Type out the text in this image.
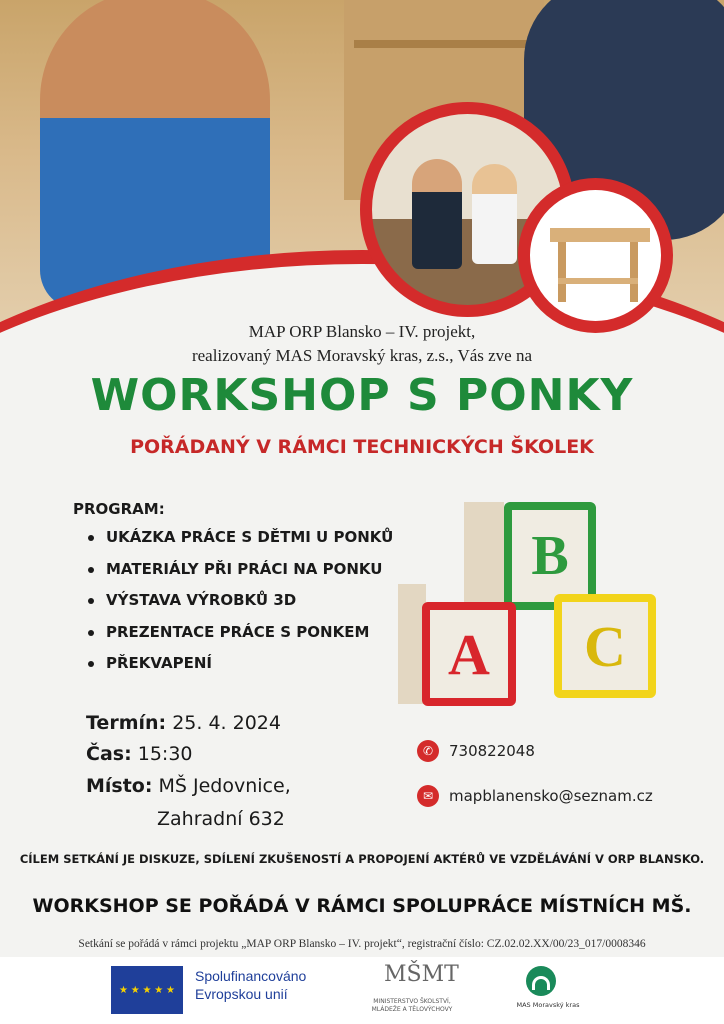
MAP ORP Blansko – IV. projekt,
realizovaný MAS Moravský kras, z.s., Vás zve na
WORKSHOP S PONKY
POŘÁDANÝ V RÁMCI TECHNICKÝCH ŠKOLEK
PROGRAM:
UKÁZKA PRÁCE S DĚTMI U PONKŮ
MATERIÁLY PŘI PRÁCI NA PONKU
VÝSTAVA VÝROBKŮ 3D
PREZENTACE PRÁCE S PONKEM
PŘEKVAPENÍ
Termín: 25. 4. 2024
Čas: 15:30
Místo: MŠ Jedovnice,
Zahradní 632
B
A	C
✆	730822048
✉	mapblanensko@seznam.cz
CÍLEM SETKÁNÍ JE DISKUZE, SDÍLENÍ ZKUŠENOSTÍ A PROPOJENÍ AKTÉRŮ VE VZDĚLÁVÁNÍ V ORP BLANSKO.
WORKSHOP SE POŘÁDÁ V RÁMCI SPOLUPRÁCE MÍSTNÍCH MŠ.
Setkání se pořádá v rámci projektu „MAP ORP Blansko – IV. projekt“, registrační číslo: CZ.02.02.XX/00/23_017/0008346
★ ★ ★ ★ ★
Spolufinancováno
Evropskou unií
MŠMT
MINISTERSTVO ŠKOLSTVÍ,
MLÁDEŽE A TĚLOVÝCHOVY
MAS Moravský kras
